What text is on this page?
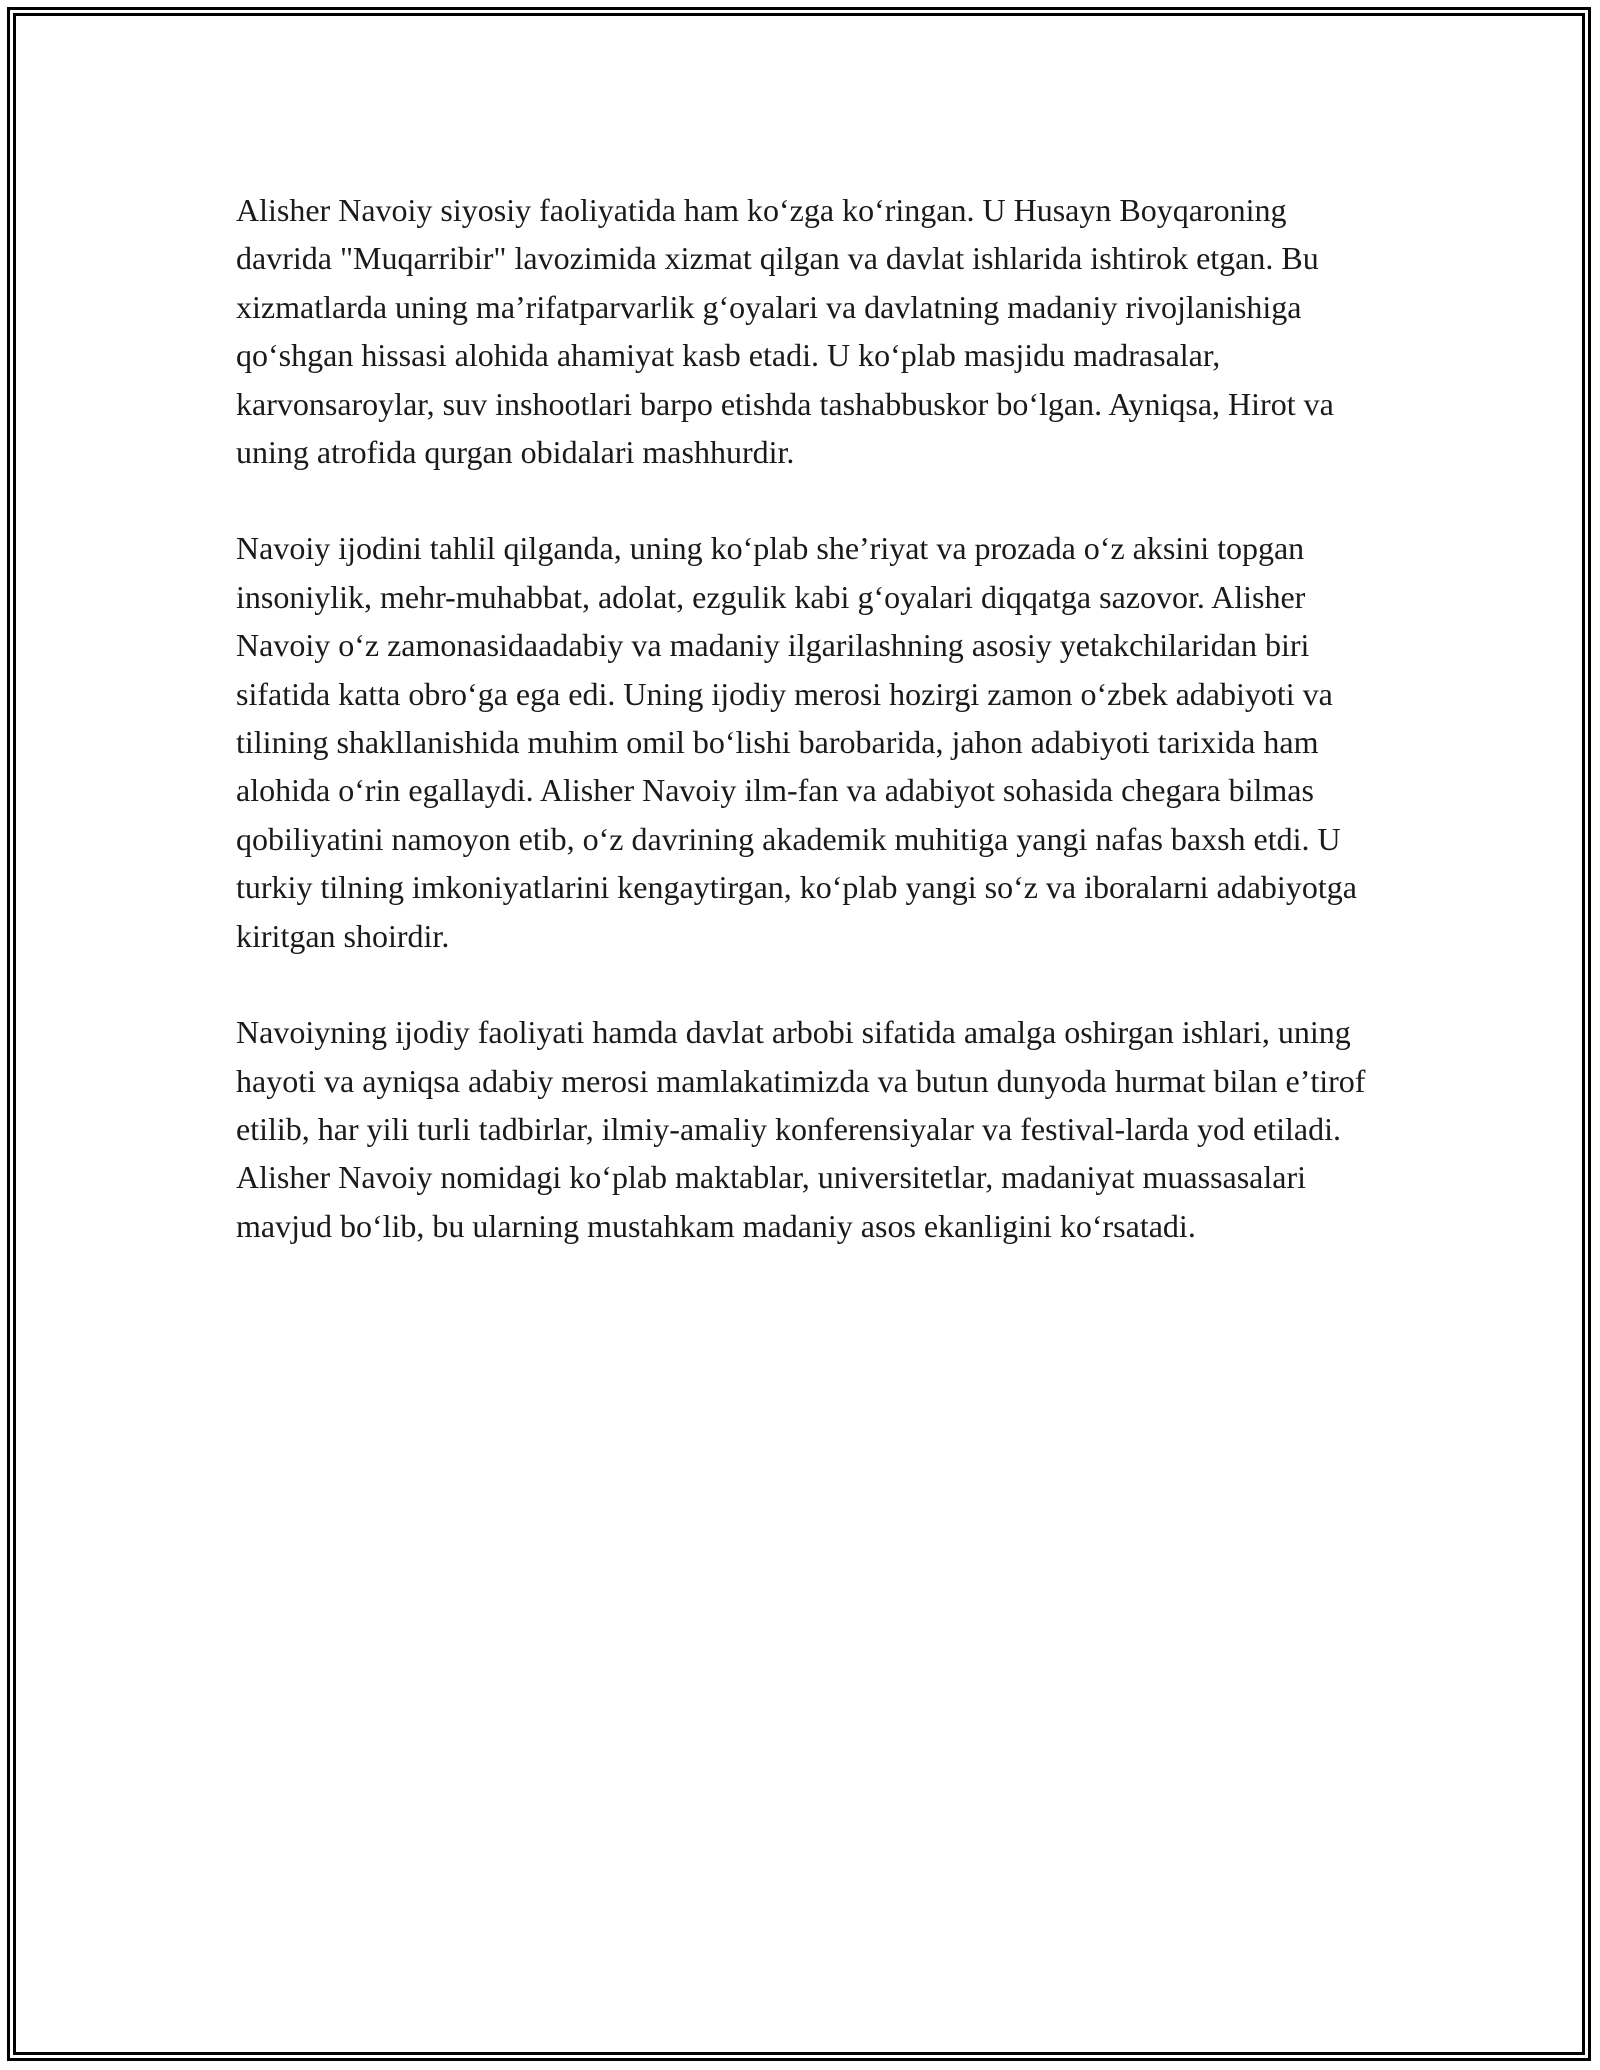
Alisher Navoiy siyosiy faoliyatida ham koʻzga koʻringan. U Husayn Boyqaroning davrida "Muqarribir" lavozimida xizmat qilgan va davlat ishlarida ishtirok etgan. Bu xizmatlarda uning maʼrifatparvarlik gʻoyalari va davlatning madaniy rivojlanishiga qoʻshgan hissasi alohida ahamiyat kasb etadi. U koʻplab masjidu madrasalar, karvonsaroylar, suv inshootlari barpo etishda tashabbuskor boʻlgan. Ayniqsa, Hirot va uning atrofida qurgan obidalari mashhurdir.

Navoiy ijodini tahlil qilganda, uning koʻplab sheʼriyat va prozada oʻz aksini topgan insoniylik, mehr-muhabbat, adolat, ezgulik kabi gʻoyalari diqqatga sazovor. Alisher Navoiy oʻz zamonasidaadabiy va madaniy ilgarilashning asosiy yetakchilaridan biri sifatida katta obroʻga ega edi. Uning ijodiy merosi hozirgi zamon oʻzbek adabiyoti va tilining shakllanishida muhim omil boʻlishi barobarida, jahon adabiyoti tarixida ham alohida oʻrin egallaydi. Alisher Navoiy ilm-fan va adabiyot sohasida chegara bilmas qobiliyatini namoyon etib, oʻz davrining akademik muhitiga yangi nafas baxsh etdi. U turkiy tilning imkoniyatlarini kengaytirgan, koʻplab yangi soʻz va iboralarni adabiyotga kiritgan shoirdir.

Navoiyning ijodiy faoliyati hamda davlat arbobi sifatida amalga oshirgan ishlari, uning hayoti va ayniqsa adabiy merosi mamlakatimizda va butun dunyoda hurmat bilan eʼtirof etilib, har yili turli tadbirlar, ilmiy-amaliy konferensiyalar va festival-larda yod etiladi. Alisher Navoiy nomidagi koʻplab maktablar, universitetlar, madaniyat muassasalari mavjud boʻlib, bu ularning mustahkam madaniy asos ekanligini koʻrsatadi.
